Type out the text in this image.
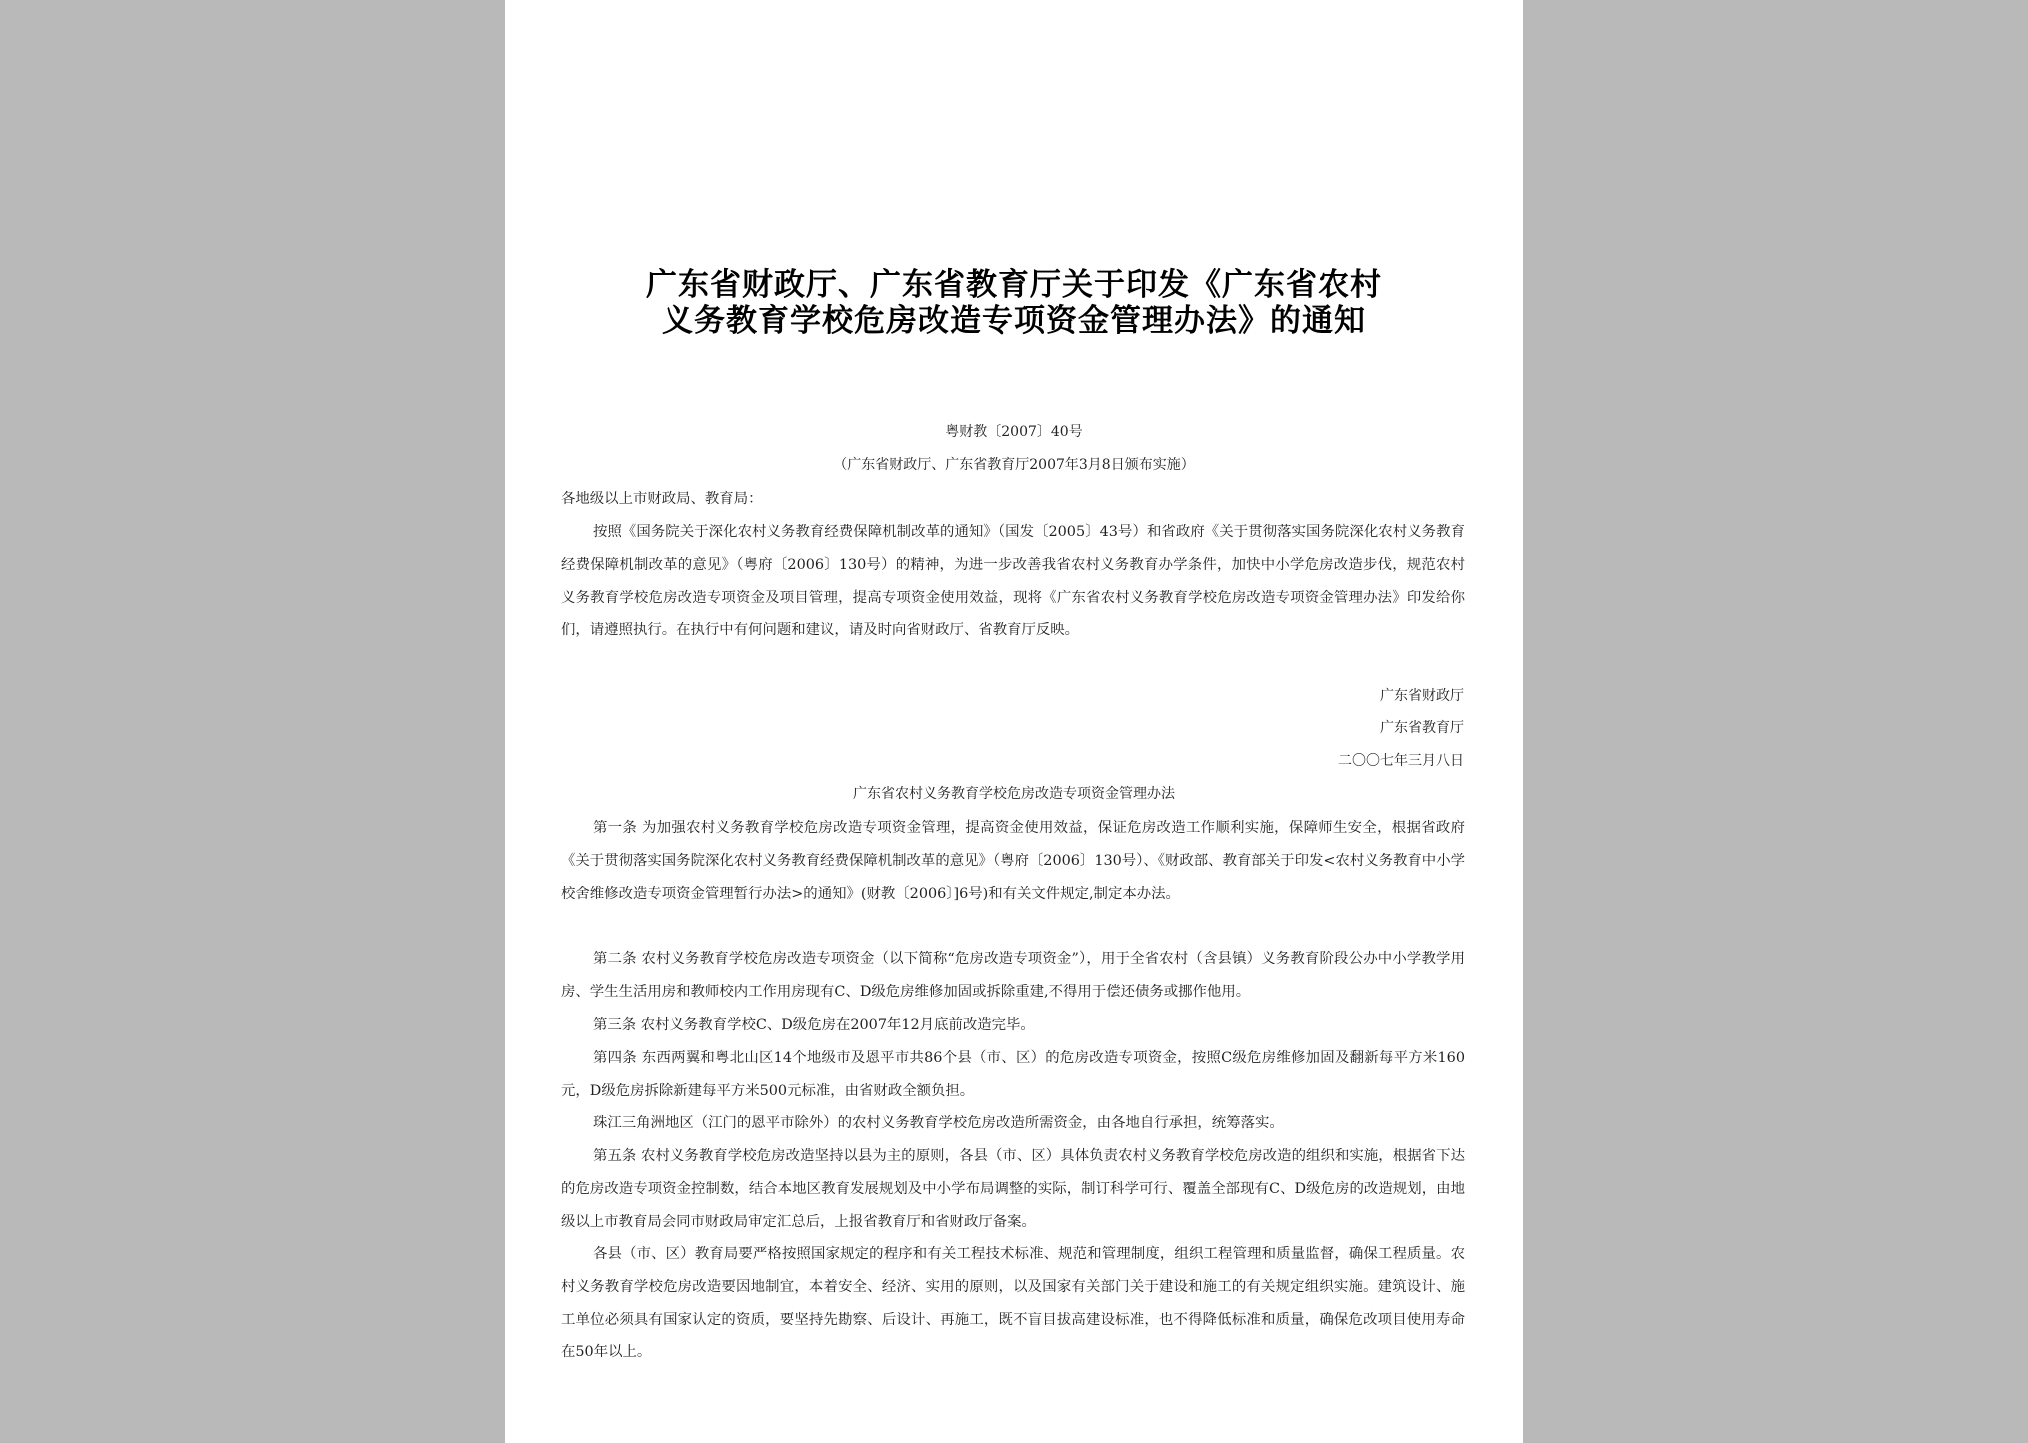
广东省财政厅、广东省教育厅关于印发《广东省农村
义务教育学校危房改造专项资金管理办法》的通知
粤财教〔2007〕40号
（广东省财政厅、广东省教育厅2007年3月8日颁布实施）
各地级以上市财政局、教育局：

按照《国务院关于深化农村义务教育经费保障机制改革的通知》（国发〔2005〕43号）和省政府《关于贯彻落实国务院深化农村义务教育经费保障机制改革的意见》（粤府〔2006〕130号）的精神，为进一步改善我省农村义务教育办学条件，加快中小学危房改造步伐，规范农村义务教育学校危房改造专项资金及项目管理，提高专项资金使用效益，现将《广东省农村义务教育学校危房改造专项资金管理办法》印发给你们，请遵照执行。在执行中有何问题和建议，请及时向省财政厅、省教育厅反映。

广东省财政厅
广东省教育厅
二〇〇七年三月八日
广东省农村义务教育学校危房改造专项资金管理办法

第一条 为加强农村义务教育学校危房改造专项资金管理，提高资金使用效益，保证危房改造工作顺利实施，保障师生安全，根据省政府《关于贯彻落实国务院深化农村义务教育经费保障机制改革的意见》（粤府〔2006〕130号）、《财政部、教育部关于印发<农村义务教育中小学校舍维修改造专项资金管理暂行办法>的通知》(财教〔2006〕]6号)和有关文件规定,制定本办法。

第二条 农村义务教育学校危房改造专项资金（以下简称“危房改造专项资金”），用于全省农村（含县镇）义务教育阶段公办中小学教学用房、学生生活用房和教师校内工作用房现有C、D级危房维修加固或拆除重建,不得用于偿还债务或挪作他用。

第三条 农村义务教育学校C、D级危房在2007年12月底前改造完毕。

第四条 东西两翼和粤北山区14个地级市及恩平市共86个县（市、区）的危房改造专项资金，按照C级危房维修加固及翻新每平方米160元，D级危房拆除新建每平方米500元标准，由省财政全额负担。

珠江三角洲地区（江门的恩平市除外）的农村义务教育学校危房改造所需资金，由各地自行承担，统筹落实。

第五条 农村义务教育学校危房改造坚持以县为主的原则，各县（市、区）具体负责农村义务教育学校危房改造的组织和实施，根据省下达的危房改造专项资金控制数，结合本地区教育发展规划及中小学布局调整的实际，制订科学可行、覆盖全部现有C、D级危房的改造规划，由地级以上市教育局会同市财政局审定汇总后，上报省教育厅和省财政厅备案。

各县（市、区）教育局要严格按照国家规定的程序和有关工程技术标准、规范和管理制度，组织工程管理和质量监督，确保工程质量。农村义务教育学校危房改造要因地制宜，本着安全、经济、实用的原则，以及国家有关部门关于建设和施工的有关规定组织实施。建筑设计、施工单位必须具有国家认定的资质，要坚持先勘察、后设计、再施工，既不盲目拔高建设标准，也不得降低标准和质量，确保危改项目使用寿命在50年以上。
